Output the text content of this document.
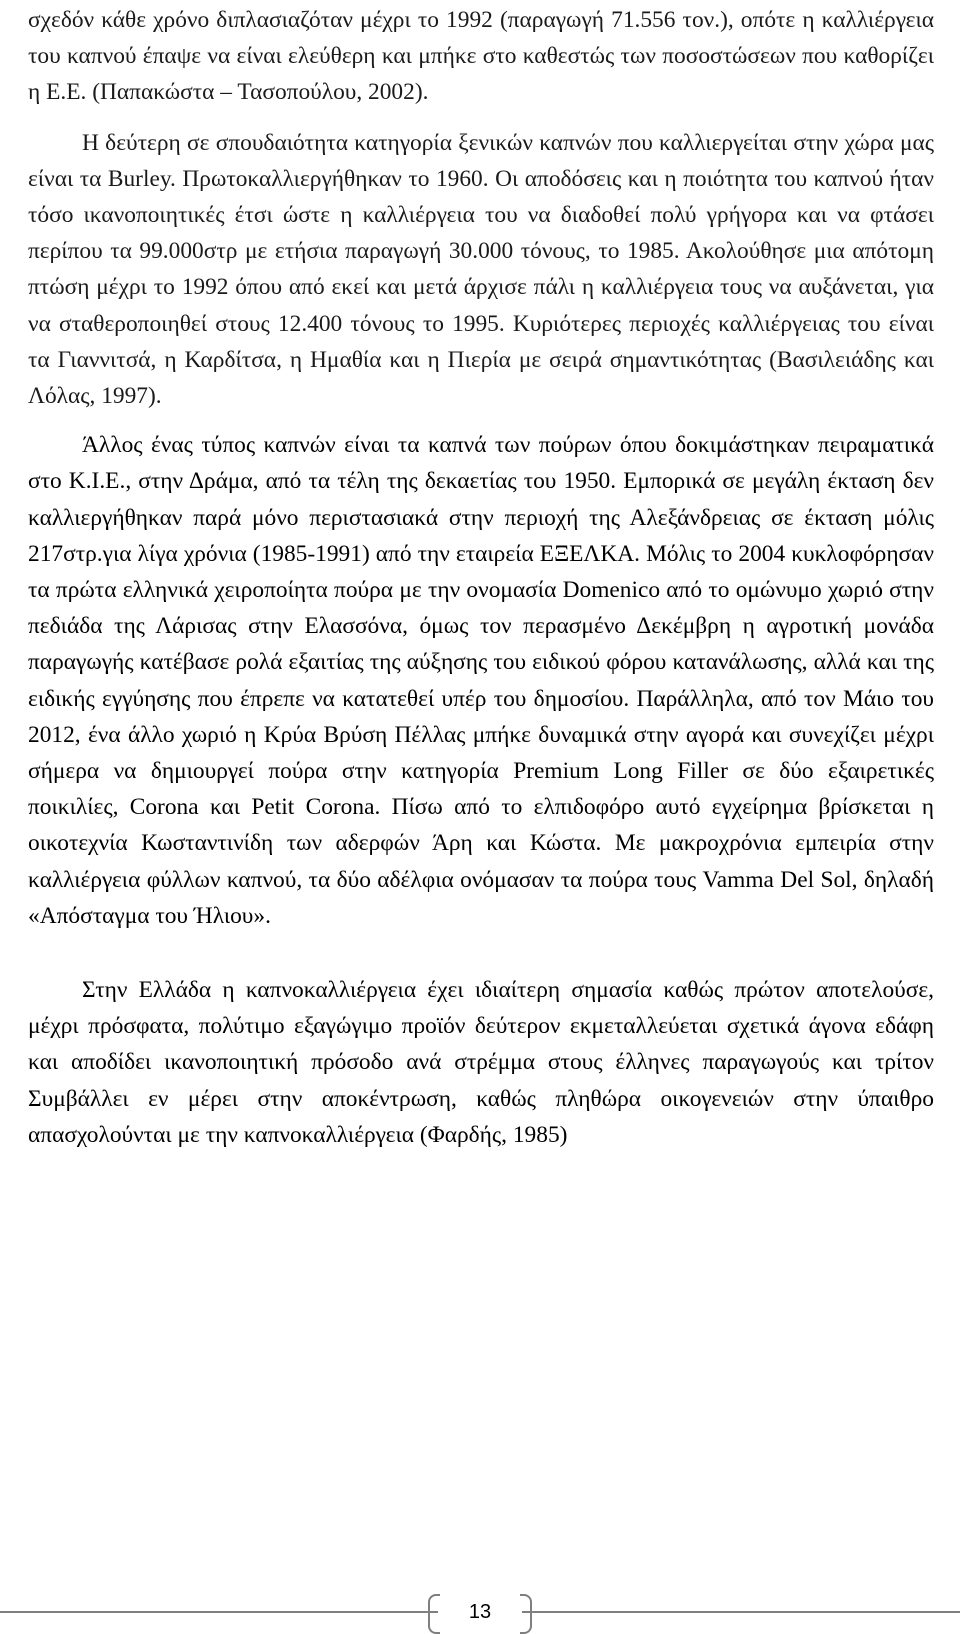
σχεδόν κάθε χρόνο διπλασιαζόταν μέχρι το 1992 (παραγωγή 71.556 τον.), οπότε η καλλιέργεια του καπνού έπαψε να είναι ελεύθερη και μπήκε στο καθεστώς των ποσοστώσεων που καθορίζει η Ε.Ε. (Παπακώστα – Τασοπούλου, 2002).

Η δεύτερη σε σπουδαιότητα κατηγορία ξενικών καπνών που καλλιεργείται στην χώρα μας είναι τα Burley. Πρωτοκαλλιεργήθηκαν το 1960. Οι αποδόσεις και η ποιότητα του καπνού ήταν τόσο ικανοποιητικές έτσι ώστε η καλλιέργεια του να διαδοθεί πολύ γρήγορα και να φτάσει περίπου τα 99.000στρ με ετήσια παραγωγή 30.000 τόνους, το 1985. Ακολούθησε μια απότομη πτώση μέχρι το 1992 όπου από εκεί και μετά άρχισε πάλι η καλλιέργεια τους να αυξάνεται, για να σταθεροποιηθεί στους 12.400 τόνους το 1995. Κυριότερες περιοχές καλλιέργειας του είναι τα Γιαννιτσά, η Καρδίτσα, η Ημαθία και η Πιερία με σειρά σημαντικότητας (Βασιλειάδης και Λόλας, 1997).

Άλλος ένας τύπος καπνών είναι τα καπνά των πούρων όπου δοκιμάστηκαν πειραματικά στο Κ.Ι.Ε., στην Δράμα, από τα τέλη της δεκαετίας του 1950. Εμπορικά σε μεγάλη έκταση δεν καλλιεργήθηκαν παρά μόνο περιστασιακά στην περιοχή της Αλεξάνδρειας σε έκταση μόλις 217στρ.για λίγα χρόνια (1985-1991) από την εταιρεία ΕΞΕΛΚΑ. Μόλις το 2004 κυκλοφόρησαν τα πρώτα ελληνικά χειροποίητα πούρα με την ονομασία Domenico από το ομώνυμο χωριό στην πεδιάδα της Λάρισας στην Ελασσόνα, όμως τον περασμένο Δεκέμβρη η αγροτική μονάδα παραγωγής κατέβασε ρολά εξαιτίας της αύξησης του ειδικού φόρου κατανάλωσης, αλλά και της ειδικής εγγύησης που έπρεπε να κατατεθεί υπέρ του δημοσίου. Παράλληλα, από τον Μάιο του 2012, ένα άλλο χωριό η Κρύα Βρύση Πέλλας μπήκε δυναμικά στην αγορά και συνεχίζει μέχρι σήμερα να δημιουργεί πούρα στην κατηγορία Premium Long Filler σε δύο εξαιρετικές ποικιλίες, Corona και Petit Corona. Πίσω από το ελπιδοφόρο αυτό εγχείρημα βρίσκεται η οικοτεχνία Κωσταντινίδη των αδερφών Άρη και Κώστα. Με μακροχρόνια εμπειρία στην καλλιέργεια φύλλων καπνού, τα δύο αδέλφια ονόμασαν τα πούρα τους Vamma Del Sol, δηλαδή «Απόσταγμα του Ήλιου».

Στην Ελλάδα η καπνοκαλλιέργεια έχει ιδιαίτερη σημασία καθώς πρώτον αποτελούσε, μέχρι πρόσφατα, πολύτιμο εξαγώγιμο προϊόν δεύτερον εκμεταλλεύεται σχετικά άγονα εδάφη και αποδίδει ικανοποιητική πρόσοδο ανά στρέμμα στους έλληνες παραγωγούς και τρίτον Συμβάλλει εν μέρει στην αποκέντρωση, καθώς πληθώρα οικογενειών στην ύπαιθρο απασχολούνται με την καπνοκαλλιέργεια (Φαρδής, 1985)

13
